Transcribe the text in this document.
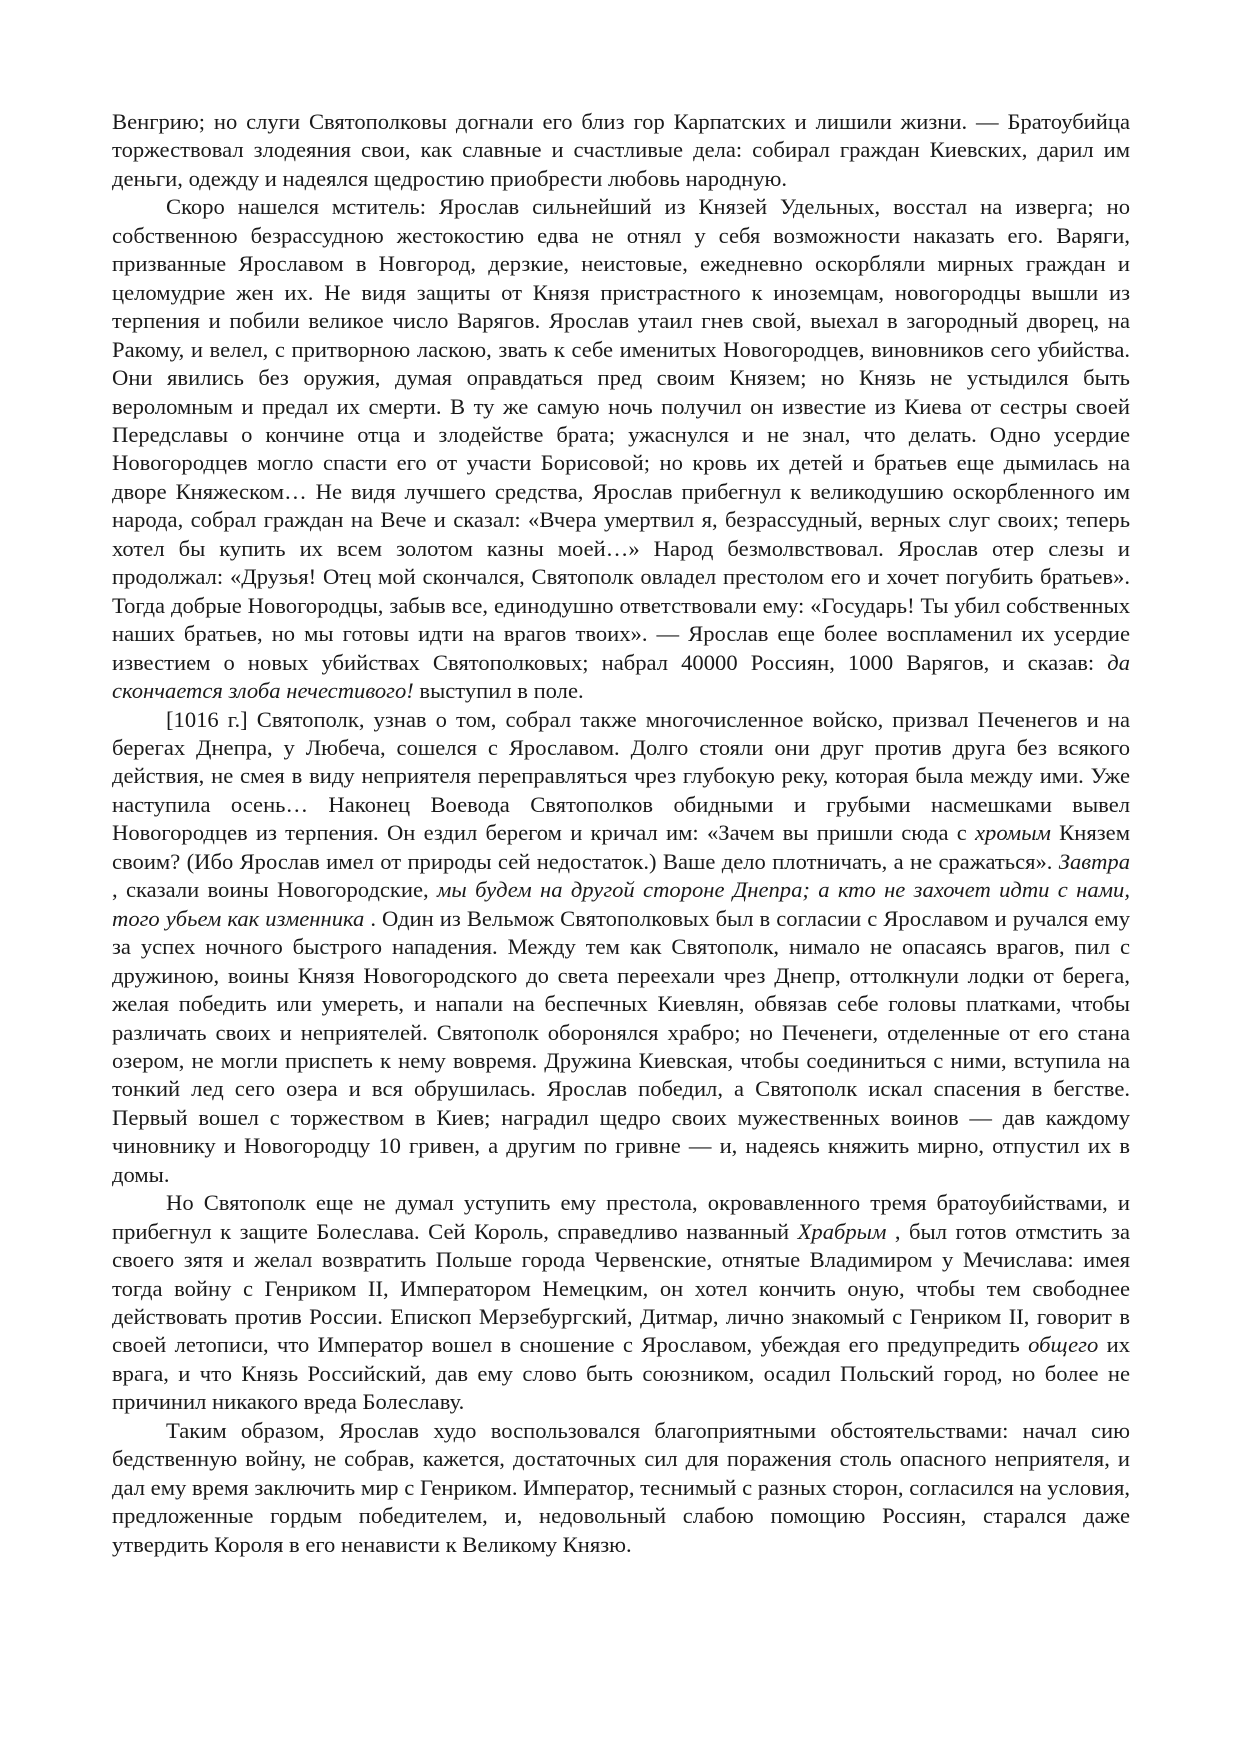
Венгрию; но слуги Святополковы догнали его близ гор Карпатских и лишили жизни. — Братоубийца торжествовал злодеяния свои, как славные и счастливые дела: собирал граждан Киевских, дарил им деньги, одежду и надеялся щедростию приобрести любовь народную.

Скоро нашелся мститель: Ярослав сильнейший из Князей Удельных, восстал на изверга; но собственною безрассудною жестокостию едва не отнял у себя возможности наказать его. Варяги, призванные Ярославом в Новгород, дерзкие, неистовые, ежедневно оскорбляли мирных граждан и целомудрие жен их. Не видя защиты от Князя пристрастного к иноземцам, новогородцы вышли из терпения и побили великое число Варягов. Ярослав утаил гнев свой, выехал в загородный дворец, на Ракому, и велел, с притворною ласкою, звать к себе именитых Новогородцев, виновников сего убийства. Они явились без оружия, думая оправдаться пред своим Князем; но Князь не устыдился быть вероломным и предал их смерти. В ту же самую ночь получил он известие из Киева от сестры своей Передславы о кончине отца и злодействе брата; ужаснулся и не знал, что делать. Одно усердие Новогородцев могло спасти его от участи Борисовой; но кровь их детей и братьев еще дымилась на дворе Княжеском… Не видя лучшего средства, Ярослав прибегнул к великодушию оскорбленного им народа, собрал граждан на Вече и сказал: «Вчера умертвил я, безрассудный, верных слуг своих; теперь хотел бы купить их всем золотом казны моей…» Народ безмолвствовал. Ярослав отер слезы и продолжал: «Друзья! Отец мой скончался, Святополк овладел престолом его и хочет погубить братьев». Тогда добрые Новогородцы, забыв все, единодушно ответствовали ему: «Государь! Ты убил собственных наших братьев, но мы готовы идти на врагов твоих». — Ярослав еще более воспламенил их усердие известием о новых убийствах Святополковых; набрал 40000 Россиян, 1000 Варягов, и сказав: да скончается злоба нечестивого! выступил в поле.

[1016 г.] Святополк, узнав о том, собрал также многочисленное войско, призвал Печенегов и на берегах Днепра, у Любеча, сошелся с Ярославом. Долго стояли они друг против друга без всякого действия, не смея в виду неприятеля переправляться чрез глубокую реку, которая была между ими. Уже наступила осень… Наконец Воевода Святополков обидными и грубыми насмешками вывел Новогородцев из терпения. Он ездил берегом и кричал им: «Зачем вы пришли сюда с хромым Князем своим? (Ибо Ярослав имел от природы сей недостаток.) Ваше дело плотничать, а не сражаться». Завтра , сказали воины Новогородские, мы будем на другой стороне Днепра; а кто не захочет идти с нами, того убьем как изменника . Один из Вельмож Святополковых был в согласии с Ярославом и ручался ему за успех ночного быстрого нападения. Между тем как Святополк, нимало не опасаясь врагов, пил с дружиною, воины Князя Новогородского до света переехали чрез Днепр, оттолкнули лодки от берега, желая победить или умереть, и напали на беспечных Киевлян, обвязав себе головы платками, чтобы различать своих и неприятелей. Святополк оборонялся храбро; но Печенеги, отделенные от его стана озером, не могли приспеть к нему вовремя. Дружина Киевская, чтобы соединиться с ними, вступила на тонкий лед сего озера и вся обрушилась. Ярослав победил, а Святополк искал спасения в бегстве. Первый вошел с торжеством в Киев; наградил щедро своих мужественных воинов — дав каждому чиновнику и Новогородцу 10 гривен, а другим по гривне — и, надеясь княжить мирно, отпустил их в домы.

Но Святополк еще не думал уступить ему престола, окровавленного тремя братоубийствами, и прибегнул к защите Болеслава. Сей Король, справедливо названный Храбрым , был готов отмстить за своего зятя и желал возвратить Польше города Червенские, отнятые Владимиром у Мечислава: имея тогда войну с Генриком II, Императором Немецким, он хотел кончить оную, чтобы тем свободнее действовать против России. Епископ Мерзебургский, Дитмар, лично знакомый с Генриком II, говорит в своей летописи, что Император вошел в сношение с Ярославом, убеждая его предупредить общего их врага, и что Князь Российский, дав ему слово быть союзником, осадил Польский город, но более не причинил никакого вреда Болеславу.

Таким образом, Ярослав худо воспользовался благоприятными обстоятельствами: начал сию бедственную войну, не собрав, кажется, достаточных сил для поражения столь опасного неприятеля, и дал ему время заключить мир с Генриком. Император, теснимый с разных сторон, согласился на условия, предложенные гордым победителем, и, недовольный слабою помощию Россиян, старался даже утвердить Короля в его ненависти к Великому Князю.
